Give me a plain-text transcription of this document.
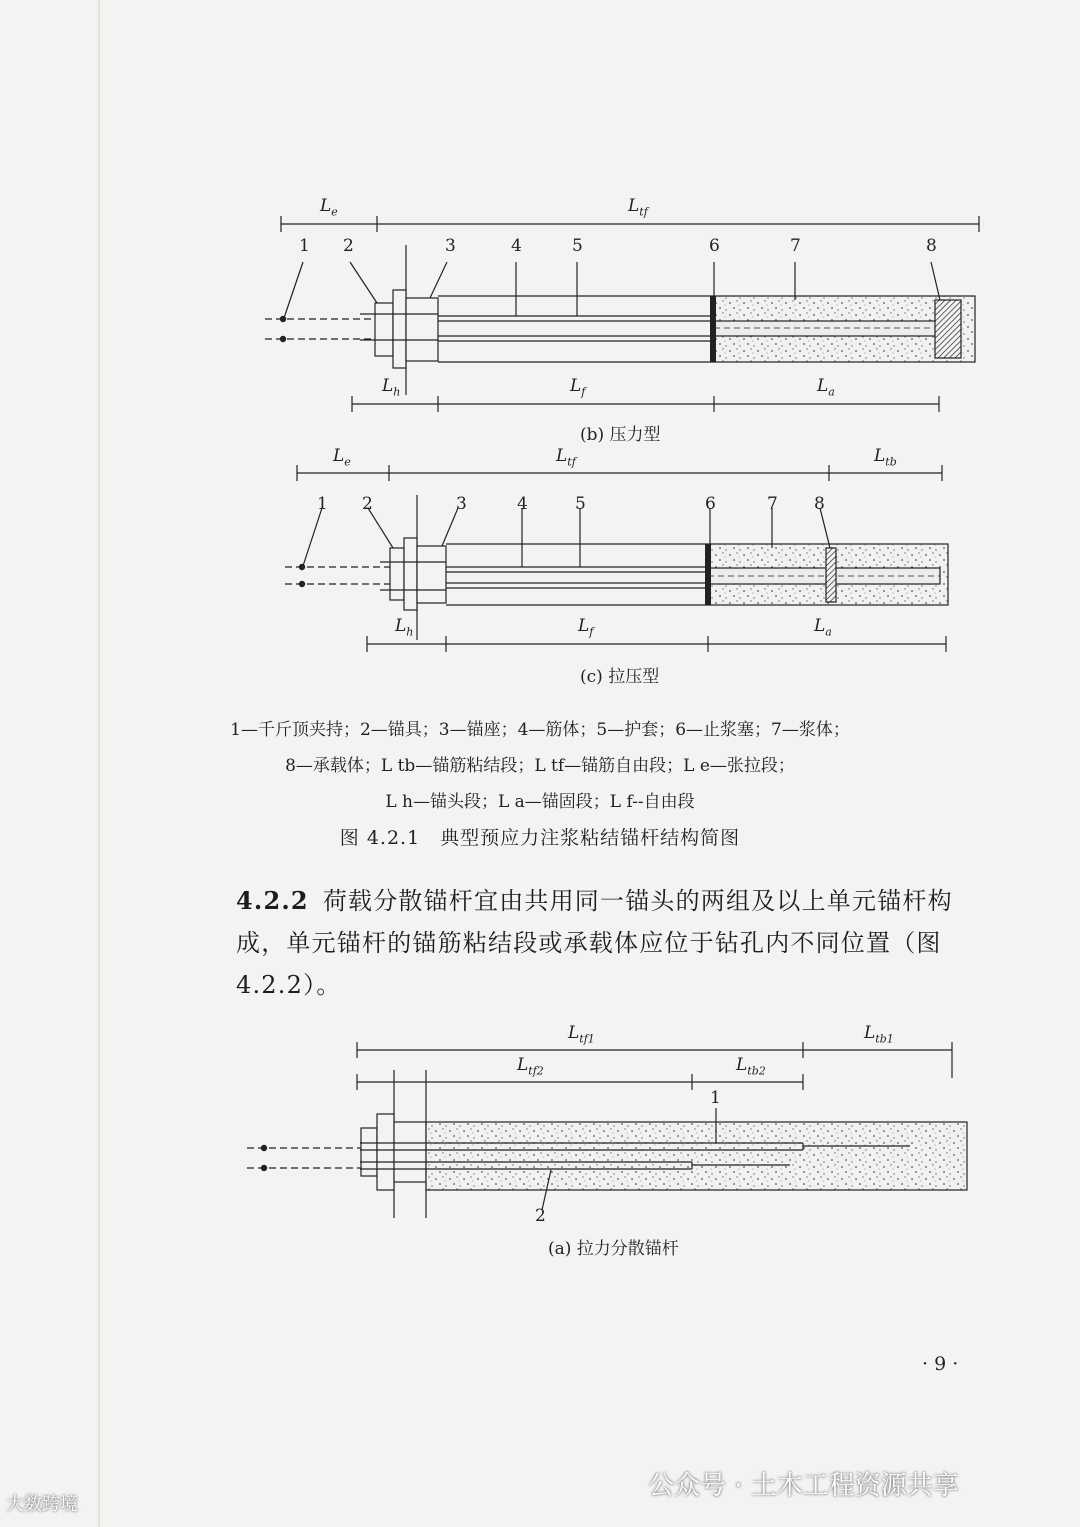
1 2	3	4	5	6	7	8
$L_e$	$L_{tf}$
$L_h$	$L_f$	$L_a$
(b) 压力型
1 2	3	4	5	6	7 8
$L_e$	$L_{tf}$	$L_{tb}$
$L_h$	$L_f$	$L_a$
(c) 拉压型
1—千斤顶夹持；2—锚具；3—锚座；4—筋体；5—护套；6—止浆塞；7—浆体；
8—承载体；L tb—锚筋粘结段；L tf—锚筋自由段；L e—张拉段；
L h—锚头段；L a—锚固段；L f--自由段
图 4.2.1　典型预应力注浆粘结锚杆结构简图
4.2.2 荷载分散锚杆宜由共用同一锚头的两组及以上单元锚杆构成，单元锚杆的锚筋粘结段或承载体应位于钻孔内不同位置（图4.2.2）。
$L_{tf1}$	$L_{tb1}$
$L_{tf2}$	$L_{tb2}$
1
2
(a) 拉力分散锚杆
· 9 ·
公众号 · 土木工程资源共享
大数跨境
